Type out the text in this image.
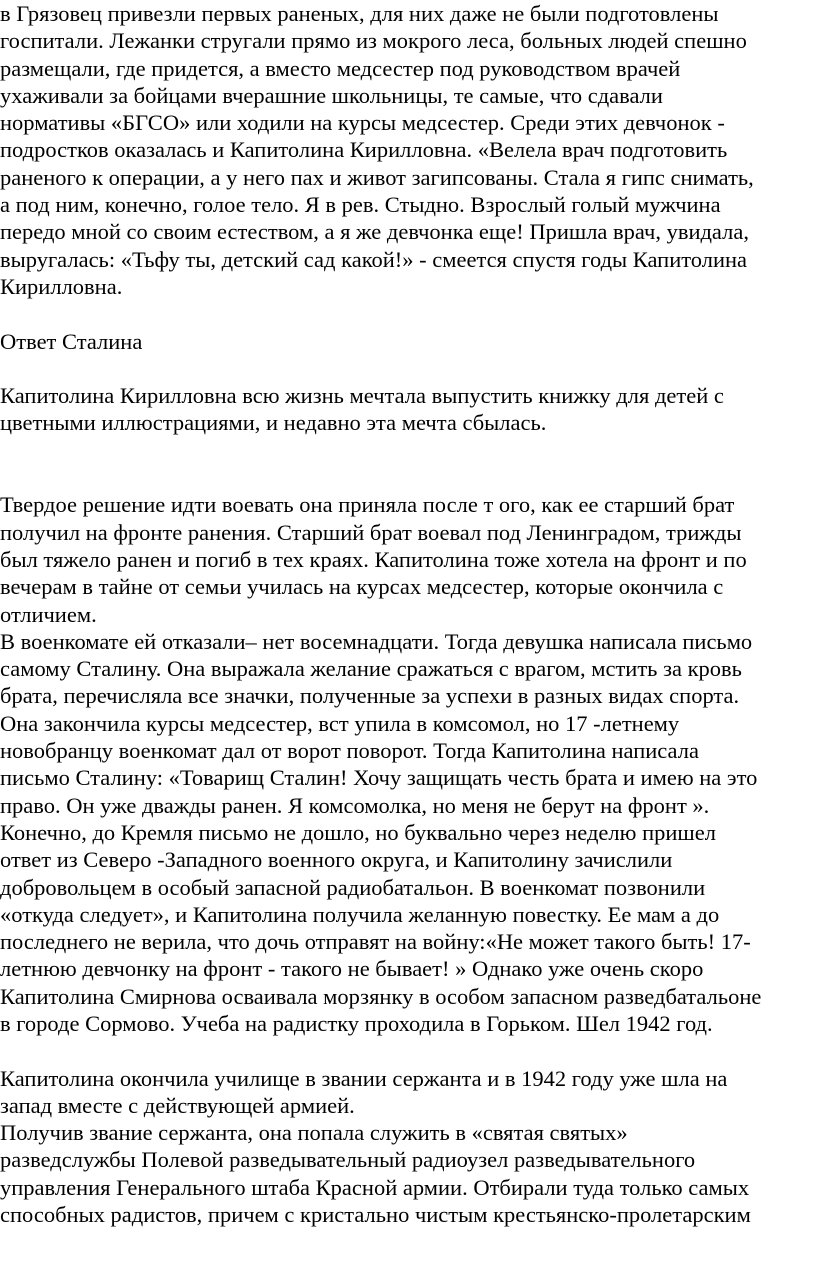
в Грязовец привезли первых раненых, для них даже не были подготовлены
госпитали. Лежанки стругали прямо из мокрого леса, больных людей спешно
размещали, где придется, а вместо медсестер под руководством врачей
ухаживали за бойцами вчерашние школьницы, те самые, что сдавали
нормативы «БГСО» или ходили на курсы медсестер. Среди этих девчонок -
подростков оказалась и Капитолина Кирилловна. «Велела врач подготовить
раненого к операции, а у него пах и живот загипсованы. Стала я гипс снимать,
а под ним, конечно, голое тело. Я в рев. Стыдно. Взрослый голый мужчина
передо мной со своим естеством, а я же девчонка еще! Пришла врач, увидала,
выругалась: «Тьфу ты, детский сад какой!» - смеется спустя годы Капитолина
Кирилловна.
Ответ Сталина
Капитолина Кирилловна всю жизнь мечтала выпустить книжку для детей с
цветными иллюстрациями, и недавно эта мечта сбылась.
Твердое решение идти воевать она приняла после т ого, как ее старший брат
получил на фронте ранения. Старший брат воевал под Ленинградом, трижды
был тяжело ранен и погиб в тех краях. Капитолина тоже хотела на фронт и по
вечерам в тайне от семьи училась на курсах медсестер, которые окончила с
отличием.
В военкомате ей отказали– нет восемнадцати. Тогда девушка написала письмо
самому Сталину. Она выражала желание сражаться с врагом, мстить за кровь
брата, перечисляла все значки, полученные за успехи в разных видах спорта.
Она закончила курсы медсестер, вст упила в комсомол, но 17 -летнему
новобранцу военкомат дал от ворот поворот. Тогда Капитолина написала
письмо Сталину: «Товарищ Сталин! Хочу защищать честь брата и имею на это
право. Он уже дважды ранен. Я комсомолка, но меня не берут на фронт ».
Конечно, до Кремля письмо не дошло, но буквально через неделю пришел
ответ из Северо -Западного военного округа, и Капитолину зачислили
добровольцем в особый запасной радиобатальон. В военкомат позвонили
«откуда следует», и Капитолина получила желанную повестку. Ее мам а до
последнего не верила, что дочь отправят на войну:«Не может такого быть! 17-
летнюю девчонку на фронт - такого не бывает! » Однако уже очень скоро
Капитолина Смирнова осваивала морзянку в особом запасном разведбатальоне
в городе Сормово. Учеба на радистку проходила в Горьком. Шел 1942 год.
Капитолина окончила училище в звании сержанта и в 1942 году уже шла на
запад вместе с действующей армией.
Получив звание сержанта, она попала служить в «святая святых»
разведслужбы Полевой разведывательный радиоузел разведывательного
управления Генерального штаба Красной армии. Отбирали туда только самых
способных радистов, причем с кристально чистым крестьянско-пролетарским
